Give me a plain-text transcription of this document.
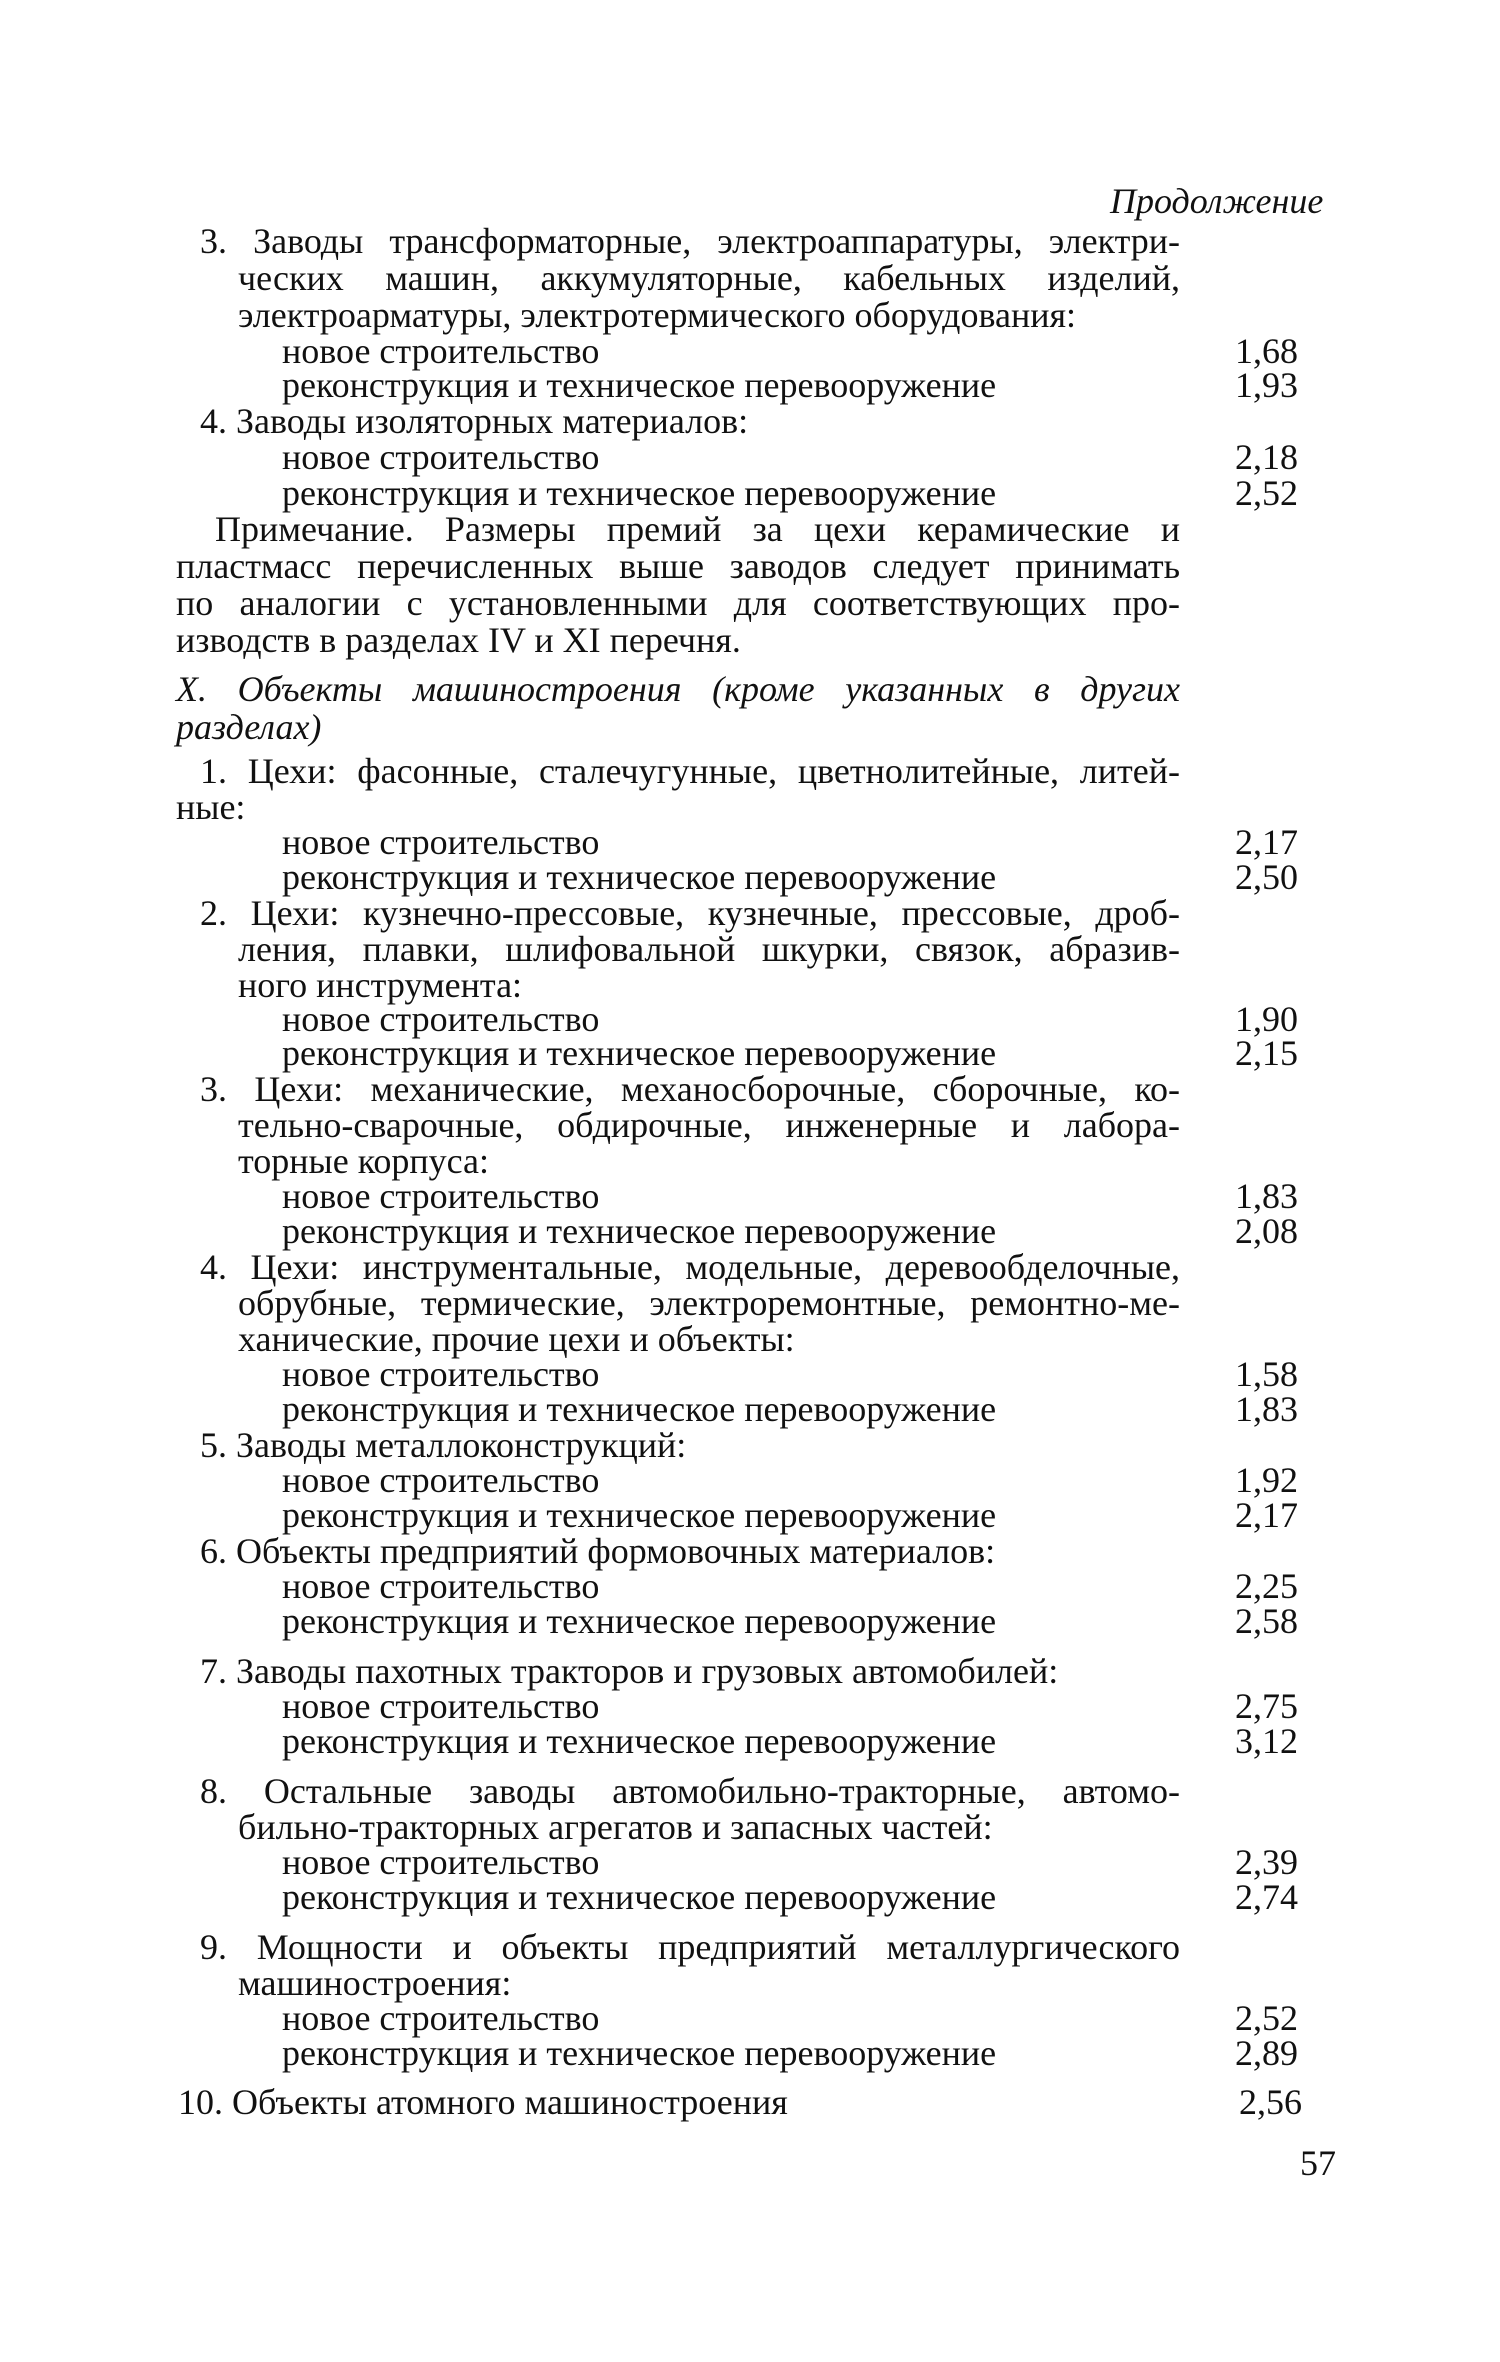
Продолжение
3. Заводы трансформаторные, электроаппаратуры, электри-
ческих машин, аккумуляторные, кабельных изделий,
электроарматуры, электротермического оборудования:
новое строительство	1,68
реконструкция и техническое перевооружение	1,93
4. Заводы изоляторных материалов:
новое строительство	2,18
реконструкция и техническое перевооружение	2,52
Примечание. Размеры премий за цехи керамические и
пластмасс перечисленных выше заводов следует принимать
по аналогии с установленными для соответствующих про-
изводств в разделах IV и XI перечня.
X. Объекты машиностроения (кроме указанных в других
разделах)
1. Цехи: фасонные, сталечугунные, цветнолитейные, литей-
ные:
новое строительство	2,17
реконструкция и техническое перевооружение	2,50
2. Цехи: кузнечно-прессовые, кузнечные, прессовые, дроб-
ления, плавки, шлифовальной шкурки, связок, абразив-
ного инструмента:
новое строительство	1,90
реконструкция и техническое перевооружение	2,15
3. Цехи: механические, механосборочные, сборочные, ко-
тельно-сварочные, обдирочные, инженерные и лабора-
торные корпуса:
новое строительство	1,83
реконструкция и техническое перевооружение	2,08
4. Цехи: инструментальные, модельные, деревообделочные,
обрубные, термические, электроремонтные, ремонтно-ме-
ханические, прочие цехи и объекты:
новое строительство	1,58
реконструкция и техническое перевооружение	1,83
5. Заводы металлоконструкций:
новое строительство	1,92
реконструкция и техническое перевооружение	2,17
6. Объекты предприятий формовочных материалов:
новое строительство	2,25
реконструкция и техническое перевооружение	2,58
7. Заводы пахотных тракторов и грузовых автомобилей:
новое строительство	2,75
реконструкция и техническое перевооружение	3,12
8. Остальные заводы автомобильно-тракторные, автомо-
бильно-тракторных агрегатов и запасных частей:
новое строительство	2,39
реконструкция и техническое перевооружение	2,74
9. Мощности и объекты предприятий металлургического
машиностроения:
новое строительство	2,52
реконструкция и техническое перевооружение	2,89
10. Объекты атомного машиностроения	2,56
57
